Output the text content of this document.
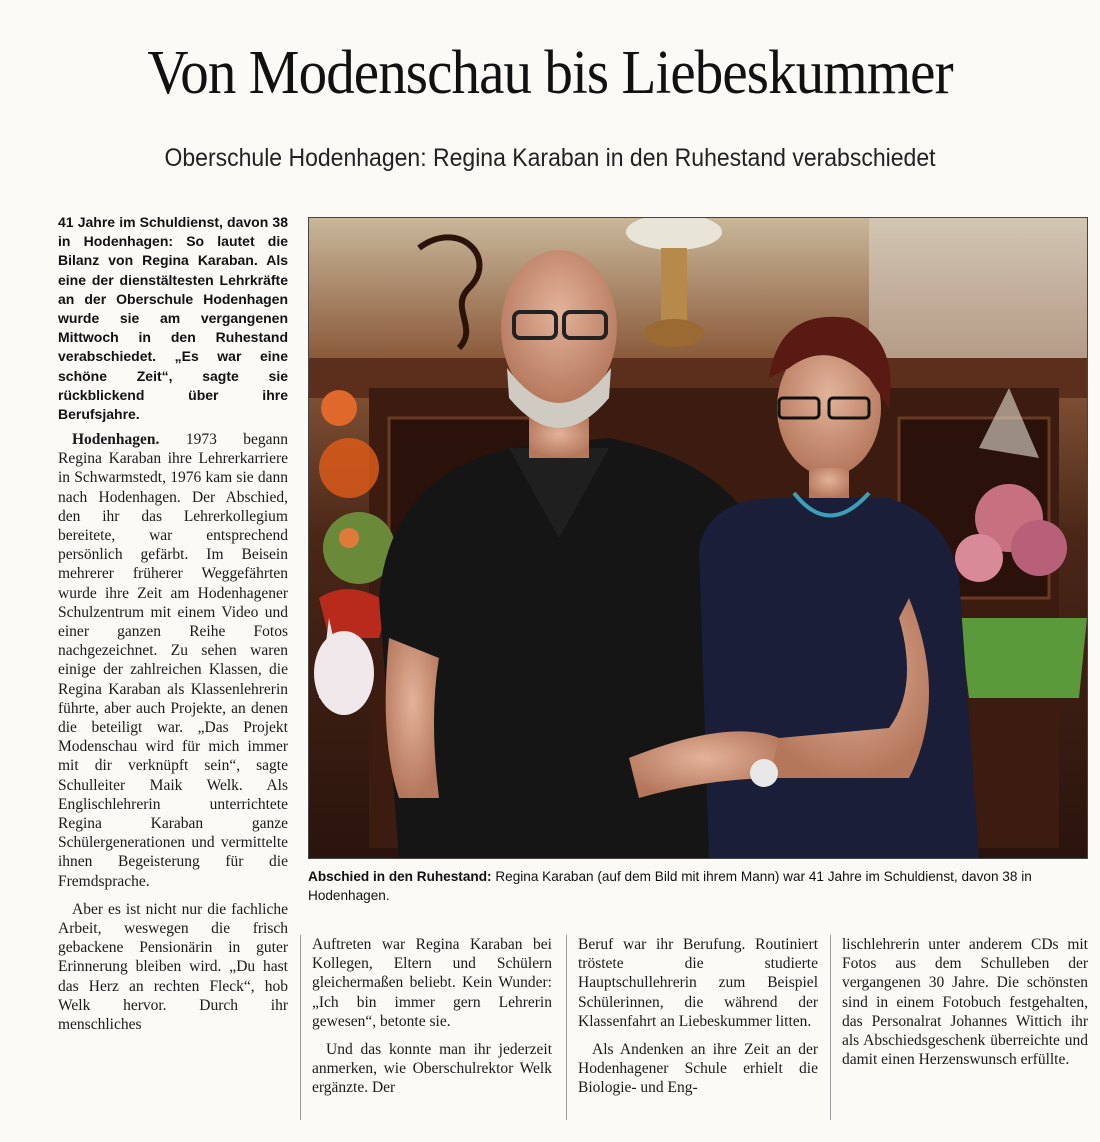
Von Modenschau bis Liebeskummer
Oberschule Hodenhagen: Regina Karaban in den Ruhestand verabschiedet
41 Jahre im Schuldienst, davon 38 in Hodenhagen: So lautet die Bilanz von Regina Karaban. Als eine der dienstältesten Lehrkräfte an der Oberschule Hodenhagen wurde sie am vergangenen Mittwoch in den Ruhestand verabschiedet. „Es war eine schöne Zeit“, sagte sie rückblickend über ihre Berufsjahre.

Hodenhagen. 1973 begann Regina Karaban ihre Lehrerkarriere in Schwarmstedt, 1976 kam sie dann nach Hodenhagen. Der Abschied, den ihr das Lehrerkollegium bereitete, war entsprechend persönlich gefärbt. Im Beisein mehrerer früherer Weggefährten wurde ihre Zeit am Hodenhagener Schulzentrum mit einem Video und einer ganzen Reihe Fotos nachgezeichnet. Zu sehen waren einige der zahlreichen Klassen, die Regina Karaban als Klassenlehrerin führte, aber auch Projekte, an denen die beteiligt war. „Das Projekt Modenschau wird für mich immer mit dir verknüpft sein“, sagte Schulleiter Maik Welk. Als Englischlehrerin unterrichtete Regina Karaban ganze Schülergenerationen und vermittelte ihnen Begeisterung für die Fremdsprache.

Aber es ist nicht nur die fachliche Arbeit, weswegen die frisch gebackene Pensionärin in guter Erinnerung bleiben wird. „Du hast das Herz an rechten Fleck“, hob Welk hervor. Durch ihr menschliches

Abschied in den Ruhestand: Regina Karaban (auf dem Bild mit ihrem Mann) war 41 Jahre im Schuldienst, davon 38 in Hodenhagen.

Auftreten war Regina Karaban bei Kollegen, Eltern und Schülern gleichermaßen beliebt. Kein Wunder: „Ich bin immer gern Lehrerin gewesen“, betonte sie.

Und das konnte man ihr jederzeit anmerken, wie Oberschulrektor Welk ergänzte. Der

Beruf war ihr Berufung. Routiniert tröstete die studierte Hauptschullehrerin zum Beispiel Schülerinnen, die während der Klassenfahrt an Liebeskummer litten.

Als Andenken an ihre Zeit an der Hodenhagener Schule erhielt die Biologie- und Eng-

lischlehrerin unter anderem CDs mit Fotos aus dem Schulleben der vergangenen 30 Jahre. Die schönsten sind in einem Fotobuch festgehalten, das Personalrat Johannes Wittich ihr als Abschiedsgeschenk überreichte und damit einen Herzenswunsch erfüllte.
